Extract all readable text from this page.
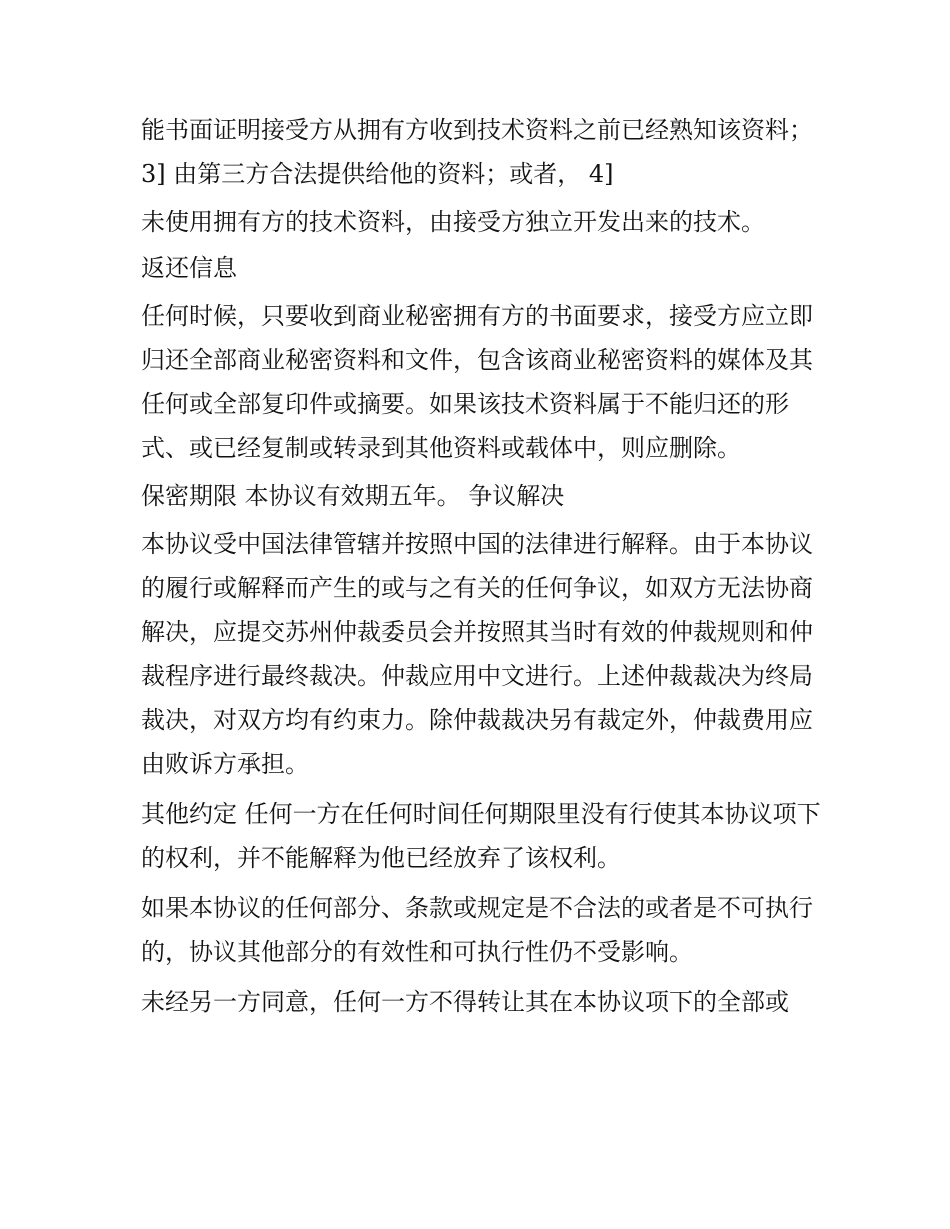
能书面证明接受方从拥有方收到技术资料之前已经熟知该资料； 3] 由第三方合法提供给他的资料；或者， 4]

未使用拥有方的技术资料，由接受方独立开发出来的技术。

返还信息

任何时候，只要收到商业秘密拥有方的书面要求，接受方应立即归还全部商业秘密资料和文件，包含该商业秘密资料的媒体及其任何或全部复印件或摘要。如果该技术资料属于不能归还的形式、或已经复制或转录到其他资料或载体中，则应删除。

保密期限 本协议有效期五年。 争议解决

本协议受中国法律管辖并按照中国的法律进行解释。由于本协议的履行或解释而产生的或与之有关的任何争议，如双方无法协商解决，应提交苏州仲裁委员会并按照其当时有效的仲裁规则和仲裁程序进行最终裁决。仲裁应用中文进行。上述仲裁裁决为终局裁决，对双方均有约束力。除仲裁裁决另有裁定外，仲裁费用应由败诉方承担。

其他约定 任何一方在任何时间任何期限里没有行使其本协议项下的权利，并不能解释为他已经放弃了该权利。

如果本协议的任何部分、条款或规定是不合法的或者是不可执行的，协议其他部分的有效性和可执行性仍不受影响。

未经另一方同意，任何一方不得转让其在本协议项下的全部或
